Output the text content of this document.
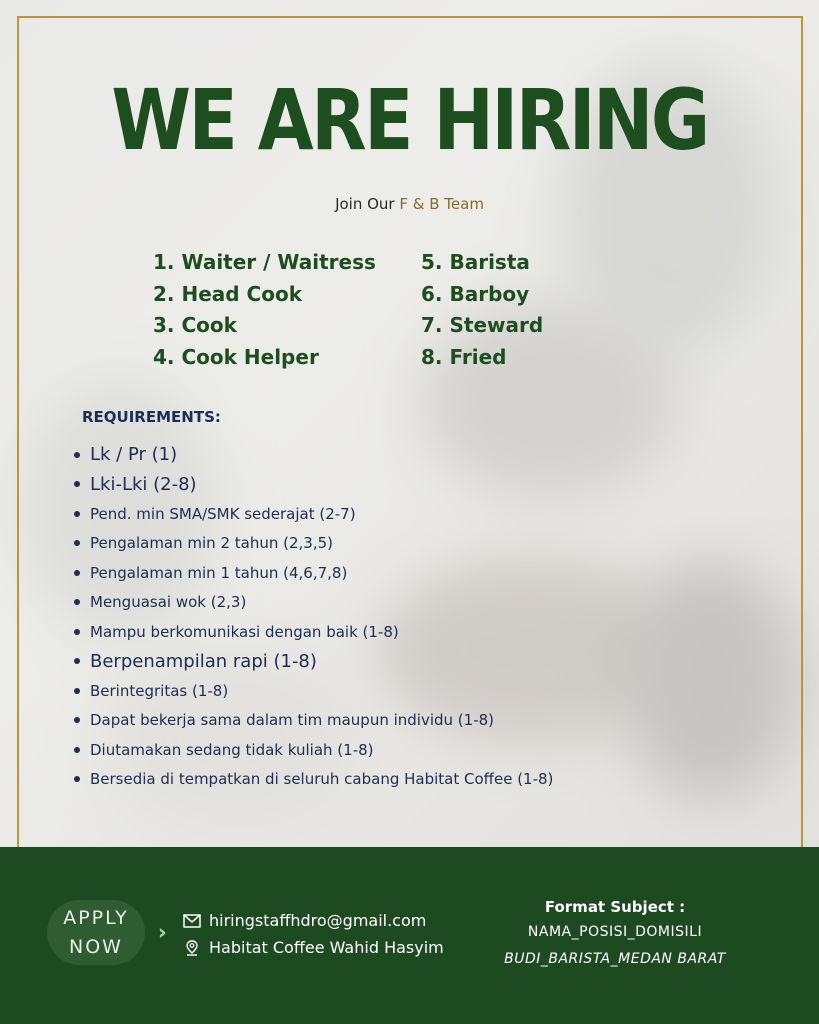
WE ARE HIRING
Join Our F & B Team
1. Waiter / Waitress
2. Head Cook
3. Cook
4. Cook Helper
5. Barista
6. Barboy
7. Steward
8. Fried
REQUIREMENTS:
Lk / Pr (1)
Lki-Lki (2-8)
Pend. min SMA/SMK sederajat (2-7)
Pengalaman min 2 tahun (2,3,5)
Pengalaman min 1 tahun (4,6,7,8)
Menguasai wok (2,3)
Mampu berkomunikasi dengan baik (1-8)
Berpenampilan rapi (1-8)
Berintegritas (1-8)
Dapat bekerja sama dalam tim maupun individu (1-8)
Diutamakan sedang tidak kuliah (1-8)
Bersedia di tempatkan di seluruh cabang Habitat Coffee (1-8)
APPLY
NOW
›››	hiringstaffhdro@gmail.com
Habitat Coffee Wahid Hasyim
Format Subject :
NAMA_POSISI_DOMISILI
BUDI_BARISTA_MEDAN BARAT
